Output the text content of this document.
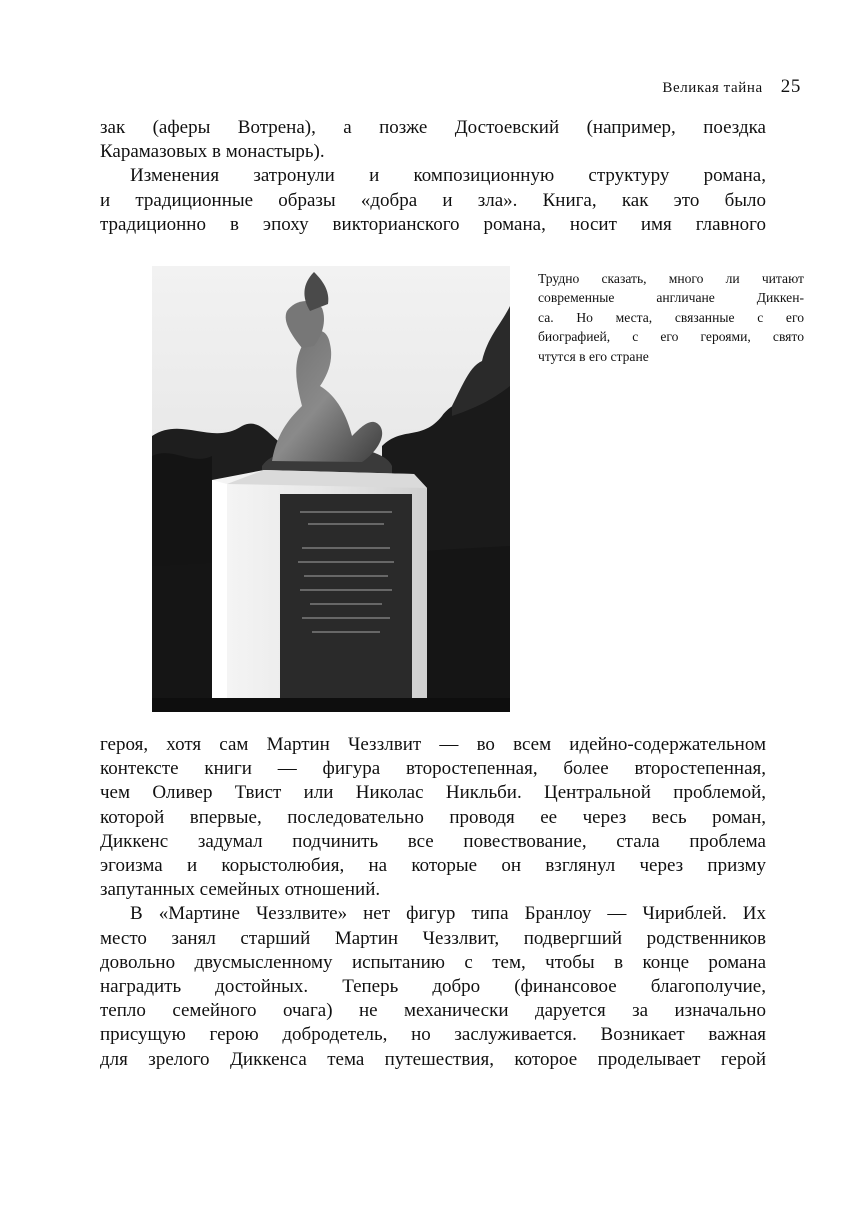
Великая тайна 25
зак (аферы Вотрена), а позже Достоевский (например, поездка
Карамазовых в монастырь).
Изменения затронули и композиционную структуру романа,
и традиционные образы «добра и зла». Книга, как это было
традиционно в эпоху викторианского романа, носит имя главного
Трудно сказать, много ли читают
современные англичане Диккен-
са. Но места, связанные с его
биографией, с его героями, свято
чтутся в его стране
героя, хотя сам Мартин Чеззлвит — во всем идейно-содержательном
контексте книги — фигура второстепенная, более второстепенная,
чем Оливер Твист или Николас Никльби. Центральной проблемой,
которой впервые, последовательно проводя ее через весь роман,
Диккенс задумал подчинить все повествование, стала проблема
эгоизма и корыстолюбия, на которые он взглянул через призму
запутанных семейных отношений.
В «Мартине Чеззлвите» нет фигур типа Бранлоу — Чириблей. Их
место занял старший Мартин Чеззлвит, подвергший родственников
довольно двусмысленному испытанию с тем, чтобы в конце романа
наградить достойных. Теперь добро (финансовое благополучие,
тепло семейного очага) не механически даруется за изначально
присущую герою добродетель, но заслуживается. Возникает важная
для зрелого Диккенса тема путешествия, которое проделывает герой
